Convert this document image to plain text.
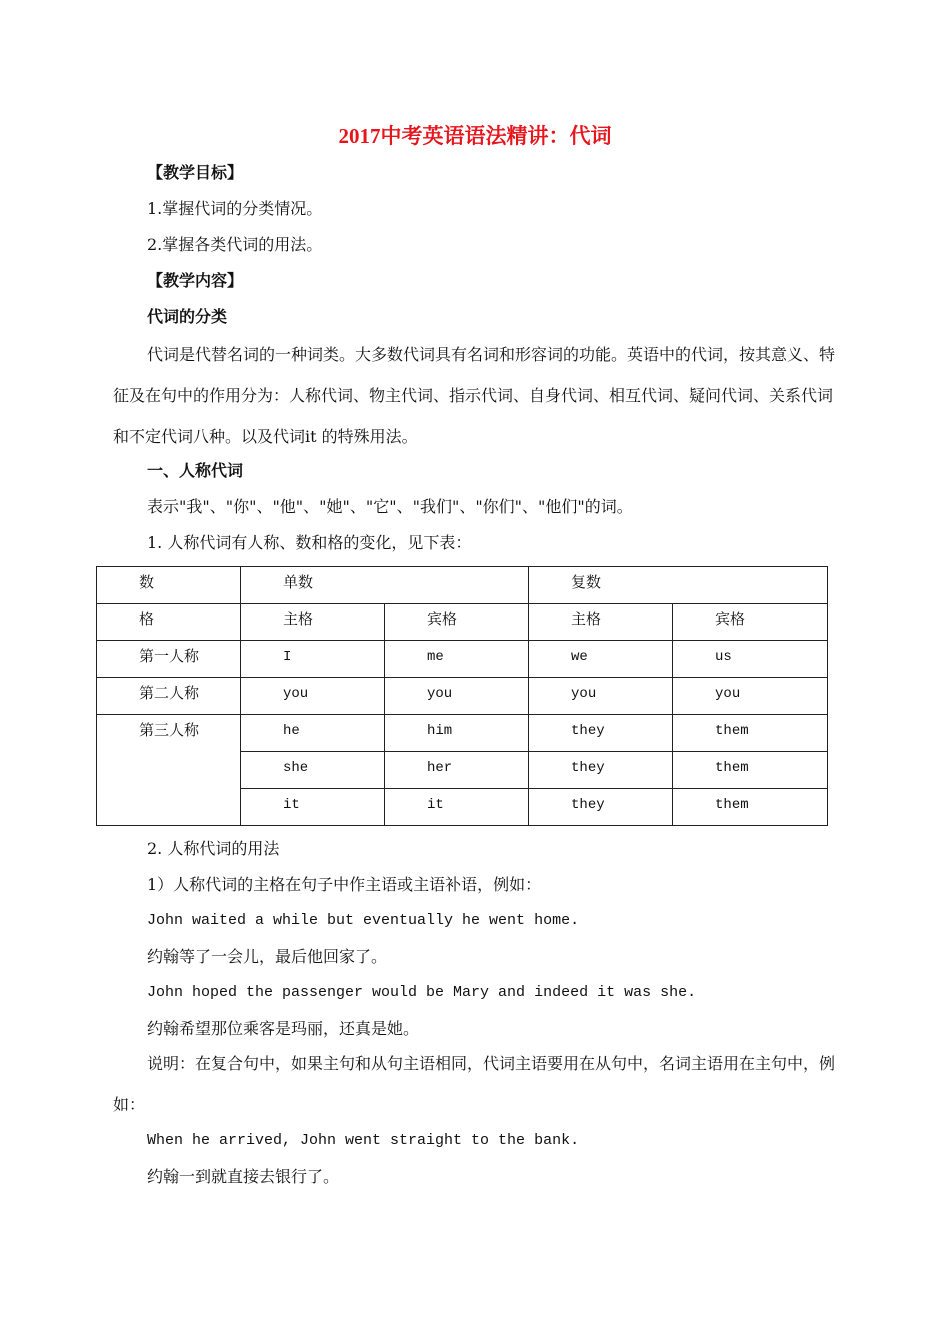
2017中考英语语法精讲：代词
【教学目标】
1.掌握代词的分类情况。
2.掌握各类代词的用法。
【教学内容】
代词的分类
代词是代替名词的一种词类。大多数代词具有名词和形容词的功能。英语中的代词，按其意义、特征及在句中的作用分为：人称代词、物主代词、指示代词、自身代词、相互代词、疑问代词、关系代词和不定代词八种。以及代词it 的特殊用法。
一、人称代词
表示"我"、"你"、"他"、"她"、"它"、"我们"、"你们"、"他们"的词。
1. 人称代词有人称、数和格的变化，见下表：
数	单数		复数	
格	主格	宾格	主格	宾格
第一人称	I	me	we	us
第二人称	you	you	you	you
第三人称	he	him	they	them
	she	her	they	them
	it	it	they	them
2. 人称代词的用法
1）人称代词的主格在句子中作主语或主语补语，例如：
John waited a while but eventually he went home.
约翰等了一会儿，最后他回家了。
John hoped the passenger would be Mary and indeed it was she.
约翰希望那位乘客是玛丽，还真是她。
说明：在复合句中，如果主句和从句主语相同，代词主语要用在从句中，名词主语用在主句中，例如：
When he arrived, John went straight to the bank.
约翰一到就直接去银行了。
